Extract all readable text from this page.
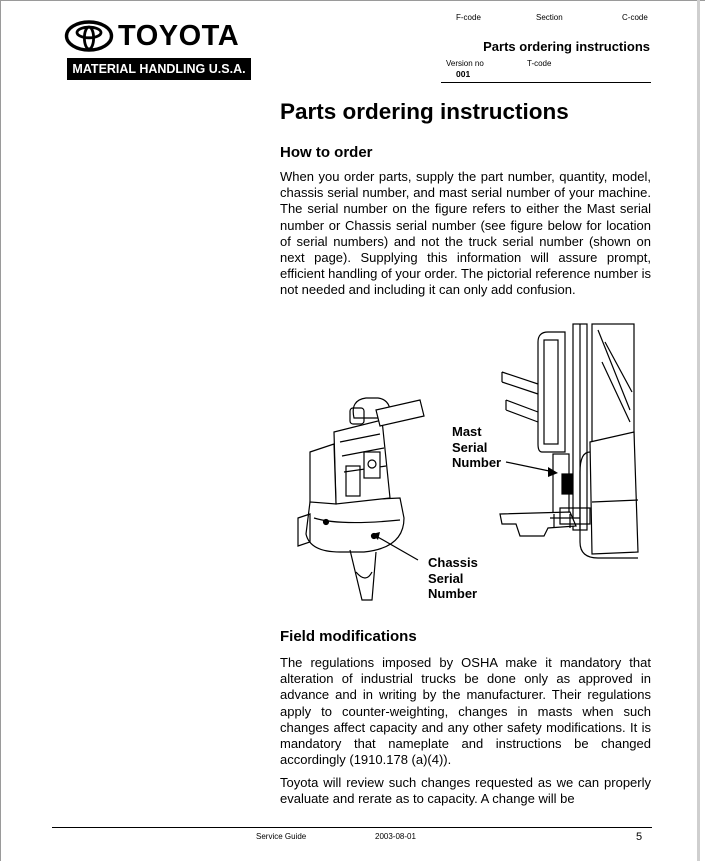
TOYOTA
MATERIAL HANDLING U.S.A.
F-code	Section	C-code
Parts ordering instructions
Version no	T-code
001
Parts ordering instructions
How to order
When you order parts, supply the part number, quantity, model, chassis serial number, and mast serial number of your machine. The serial number on the figure refers to either the Mast serial number or Chassis serial number (see figure below for location of serial numbers) and not the truck serial number (shown on next page). Supplying this information will assure prompt, efficient handling of your order. The pictorial reference number is not needed and including it can only add confusion.
Mast
Serial
Number
Chassis
Serial
Number
Field modifications
The regulations imposed by OSHA make it mandatory that alteration of industrial trucks be done only as approved in advance and in writing by the manufacturer. Their regulations apply to counter-weighting, changes in masts when such changes affect capacity and any other safety modifications. It is mandatory that nameplate and instructions be changed accordingly (1910.178 (a)(4)).
Toyota will review such changes requested as we can properly evaluate and rerate as to capacity. A change will be
Service Guide	2003-08-01	5
